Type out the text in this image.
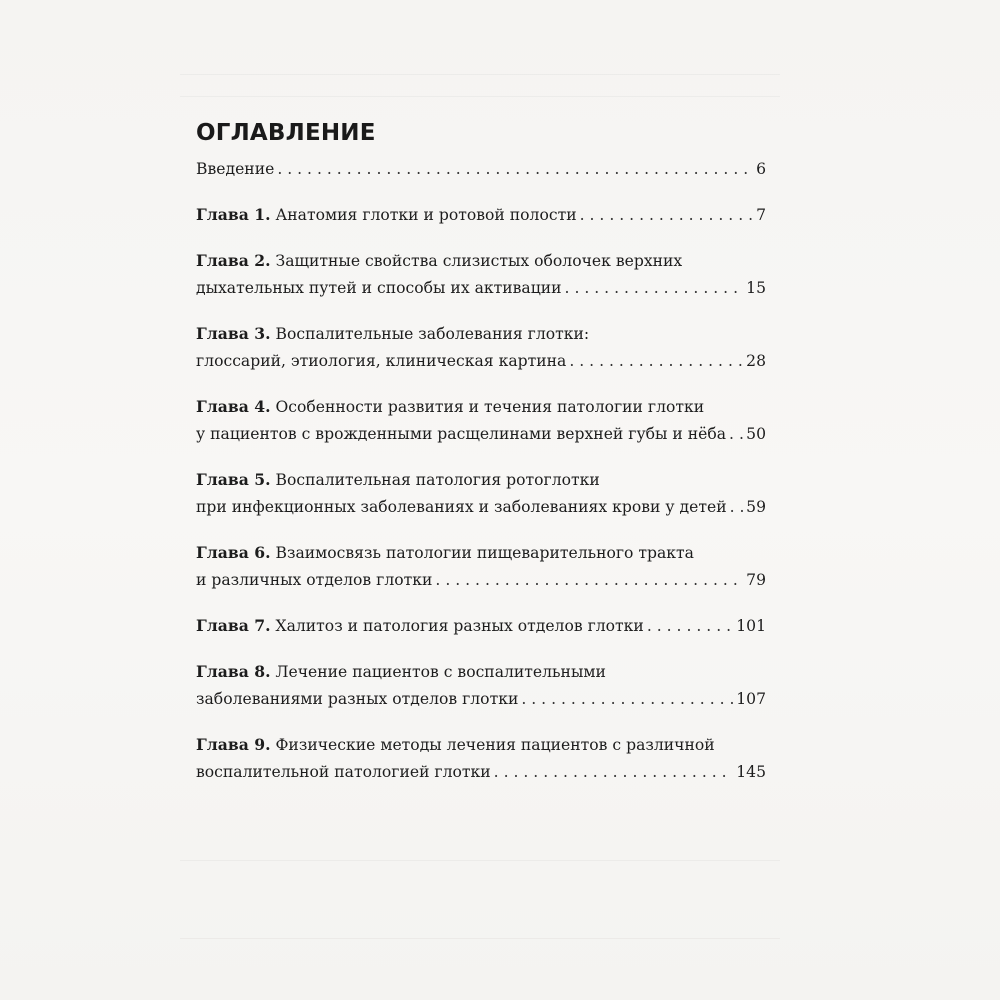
ОГЛАВЛЕНИЕ
Введение . . .	6
Глава 1. Анатомия глотки и ротовой полости . . .	7
Глава 2. Защитные свойства слизистых оболочек верхних
дыхательных путей и способы их активации . . .	15
Глава 3. Воспалительные заболевания глотки:
глоссарий, этиология, клиническая картина . . .	28
Глава 4. Особенности развития и течения патологии глотки
у пациентов с врожденными расщелинами верхней губы и нёба . . . 50
Глава 5. Воспалительная патология ротоглотки
при инфекционных заболеваниях и заболеваниях крови у детей . . . 59
Глава 6. Взаимосвязь патологии пищеварительного тракта
и различных отделов глотки . . .	79
Глава 7. Халитоз и патология разных отделов глотки . . .	101
Глава 8. Лечение пациентов с воспалительными
заболеваниями разных отделов глотки . . .	107
Глава 9. Физические методы лечения пациентов с различной
воспалительной патологией глотки . . .	145
